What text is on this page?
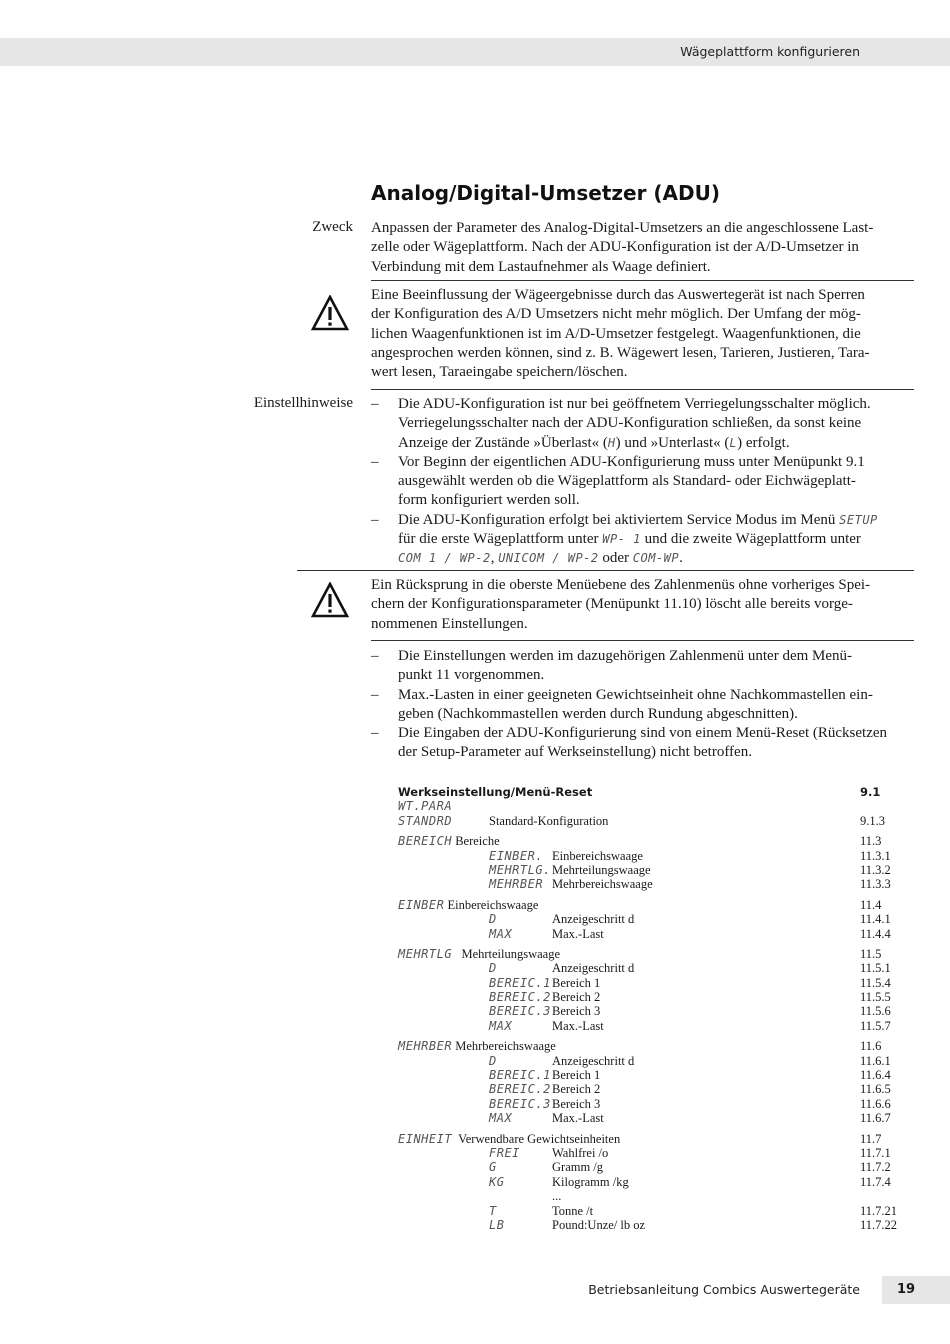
Wägeplattform konfigurieren
Analog/Digital-Umsetzer (ADU)
Zweck Anpassen der Parameter des Analog-Digital-Umsetzers an die angeschlossene Last-

zelle oder Wägeplattform. Nach der ADU-Konfiguration ist der A/D-Umsetzer in

Verbindung mit dem Lastaufnehmer als Waage definiert.

Eine Beeinflussung der Wägeergebnisse durch das Auswertegerät ist nach Sperren

der Konfiguration des A/D Umsetzers nicht mehr möglich. Der Umfang der mög-

lichen Waagenfunktionen ist im A/D-Umsetzer festgelegt. Waagenfunktionen, die

angesprochen werden können, sind z. B. Wägewert lesen, Tarieren, Justieren, Tara-

wert lesen, Taraeingabe speichern/löschen.

Einstellhinweise –	Die ADU-Konfiguration ist nur bei geöffnetem Verriegelungsschalter möglich.
Verriegelungsschalter nach der ADU-Konfiguration schließen, da sonst keine
Anzeige der Zustände »Überlast« (H) und »Unterlast« (L) erfolgt.
–	Vor Beginn der eigentlichen ADU-Konfigurierung muss unter Menüpunkt 9.1
ausgewählt werden ob die Wägeplattform als Standard- oder Eichwägeplatt-
form konfiguriert werden soll.
–	Die ADU-Konfiguration erfolgt bei aktiviertem Service Modus im Menü SETUP
für die erste Wägeplattform unter WP- 1 und die zweite Wägeplattform unter
COM 1 / WP-2, UNICOM / WP-2 oder COM-WP.

Ein Rücksprung in die oberste Menüebene des Zahlenmenüs ohne vorheriges Spei-

chern der Konfigurationsparameter (Menüpunkt 11.10) löscht alle bereits vorge-

nommenen Einstellungen.

–	Die Einstellungen werden im dazugehörigen Zahlenmenü unter dem Menü-
punkt 11 vorgenommen.
–	Max.-Lasten in einer geeigneten Gewichtseinheit ohne Nachkommastellen ein-
geben (Nachkommastellen werden durch Rundung abgeschnitten).
–	Die Eingaben der ADU-Konfigurierung sind von einem Menü-Reset (Rücksetzen
der Setup-Parameter auf Werkseinstellung) nicht betroffen.
Werkseinstellung/Menü-Reset	9.1
WT.PARA
STANDRD	Standard-Konfiguration	9.1.3
BEREICH Bereiche	11.3
EINBER. Einbereichswaage	11.3.1
MEHRTLG. Mehrteilungswaage	11.3.2
MEHRBER Mehrbereichswaage	11.3.3
EINBER Einbereichswaage	11.4
D	Anzeigeschritt d	11.4.1
MAX	Max.-Last	11.4.4
MEHRTLG Mehrteilungswaage	11.5
D	Anzeigeschritt d	11.5.1
BEREIC.1 Bereich 1	11.5.4
BEREIC.2 Bereich 2	11.5.5
BEREIC.3 Bereich 3	11.5.6
MAX	Max.-Last	11.5.7
MEHRBER Mehrbereichswaage	11.6
D	Anzeigeschritt d	11.6.1
BEREIC.1 Bereich 1	11.6.4
BEREIC.2 Bereich 2	11.6.5
BEREIC.3 Bereich 3	11.6.6
MAX	Max.-Last	11.6.7
EINHEIT Verwendbare Gewichtseinheiten	11.7
FREI	Wahlfrei /o	11.7.1
G	Gramm /g	11.7.2
KG	Kilogramm /kg	11.7.4
...
T	Tonne /t	11.7.21
LB	Pound:Unze/ lb oz	11.7.22
Betriebsanleitung Combics Auswertegeräte	19
